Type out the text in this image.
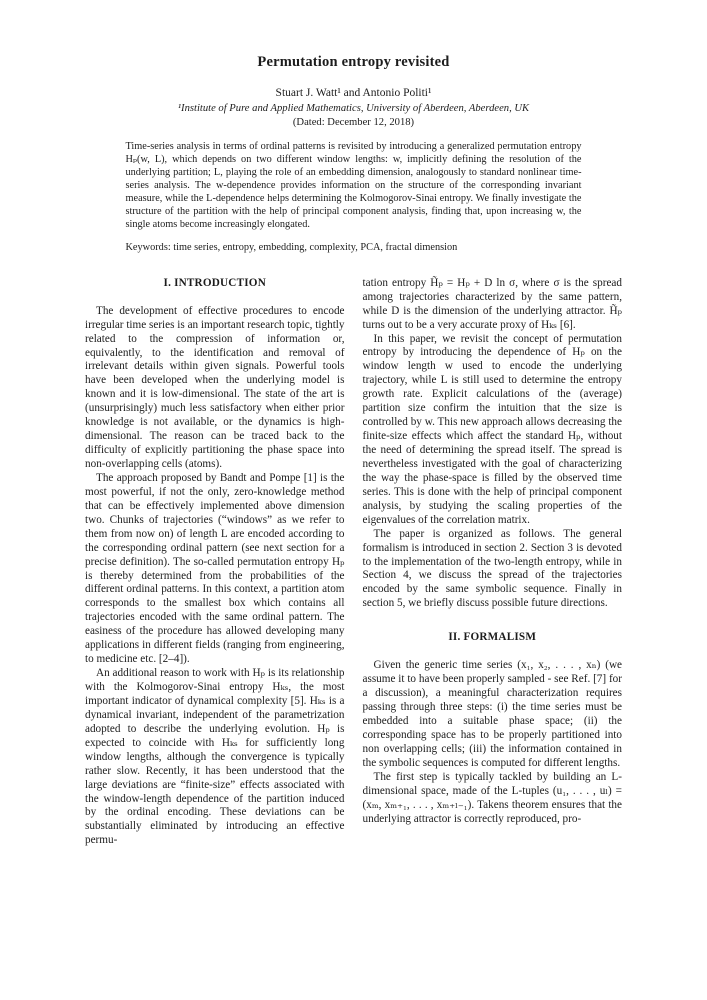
Permutation entropy revisited
Stuart J. Watt¹ and Antonio Politi¹
¹Institute of Pure and Applied Mathematics, University of Aberdeen, Aberdeen, UK
(Dated: December 12, 2018)
Time-series analysis in terms of ordinal patterns is revisited by introducing a generalized permutation entropy Hₚ(w, L), which depends on two different window lengths: w, implicitly defining the resolution of the underlying partition; L, playing the role of an embedding dimension, analogously to standard nonlinear time-series analysis. The w-dependence provides information on the structure of the corresponding invariant measure, while the L-dependence helps determining the Kolmogorov-Sinai entropy. We finally investigate the structure of the partition with the help of principal component analysis, finding that, upon increasing w, the single atoms become increasingly elongated.
Keywords: time series, entropy, embedding, complexity, PCA, fractal dimension
I. INTRODUCTION

The development of effective procedures to encode irregular time series is an important research topic, tightly related to the compression of information or, equivalently, to the identification and removal of irrelevant details within given signals. Powerful tools have been developed when the underlying model is known and it is low-dimensional. The state of the art is (unsurprisingly) much less satisfactory when either prior knowledge is not available, or the dynamics is high-dimensional. The reason can be traced back to the difficulty of explicitly partitioning the phase space into non-overlapping cells (atoms).

The approach proposed by Bandt and Pompe [1] is the most powerful, if not the only, zero-knowledge method that can be effectively implemented above dimension two. Chunks of trajectories (“windows” as we refer to them from now on) of length L are encoded according to the corresponding ordinal pattern (see next section for a precise definition). The so-called permutation entropy Hₚ is thereby determined from the probabilities of the different ordinal patterns. In this context, a partition atom corresponds to the smallest box which contains all trajectories encoded with the same ordinal pattern. The easiness of the procedure has allowed developing many applications in different fields (ranging from engineering, to medicine etc. [2–4]).

An additional reason to work with Hₚ is its relationship with the Kolmogorov-Sinai entropy Hₖₛ, the most important indicator of dynamical complexity [5]. Hₖₛ is a dynamical invariant, independent of the parametrization adopted to describe the underlying evolution. Hₚ is expected to coincide with Hₖₛ for sufficiently long window lengths, although the convergence is typically rather slow. Recently, it has been understood that the large deviations are “finite-size” effects associated with the window-length dependence of the partition induced by the ordinal encoding. These deviations can be substantially eliminated by introducing an effective permu-

tation entropy H̃ₚ = Hₚ + D ln σ, where σ is the spread among trajectories characterized by the same pattern, while D is the dimension of the underlying attractor. H̃ₚ turns out to be a very accurate proxy of Hₖₛ [6].

In this paper, we revisit the concept of permutation entropy by introducing the dependence of Hₚ on the window length w used to encode the underlying trajectory, while L is still used to determine the entropy growth rate. Explicit calculations of the (average) partition size confirm the intuition that the size is controlled by w. This new approach allows decreasing the finite-size effects which affect the standard Hₚ, without the need of determining the spread itself. The spread is nevertheless investigated with the goal of characterizing the way the phase-space is filled by the observed time series. This is done with the help of principal component analysis, by studying the scaling properties of the eigenvalues of the correlation matrix.

The paper is organized as follows. The general formalism is introduced in section 2. Section 3 is devoted to the implementation of the two-length entropy, while in Section 4, we discuss the spread of the trajectories encoded by the same symbolic sequence. Finally in section 5, we briefly discuss possible future directions.

II. FORMALISM

Given the generic time series (x₁, x₂, . . . , xₙ) (we assume it to have been properly sampled - see Ref. [7] for a discussion), a meaningful characterization requires passing through three steps: (i) the time series must be embedded into a suitable phase space; (ii) the corresponding space has to be properly partitioned into non overlapping cells; (iii) the information contained in the symbolic sequences is computed for different lengths.

The first step is typically tackled by building an L-dimensional space, made of the L-tuples (u₁, . . . , uₗ) = (xₘ, xₘ₊₁, . . . , xₘ₊ₗ₋₁). Takens theorem ensures that the underlying attractor is correctly reproduced, pro-
